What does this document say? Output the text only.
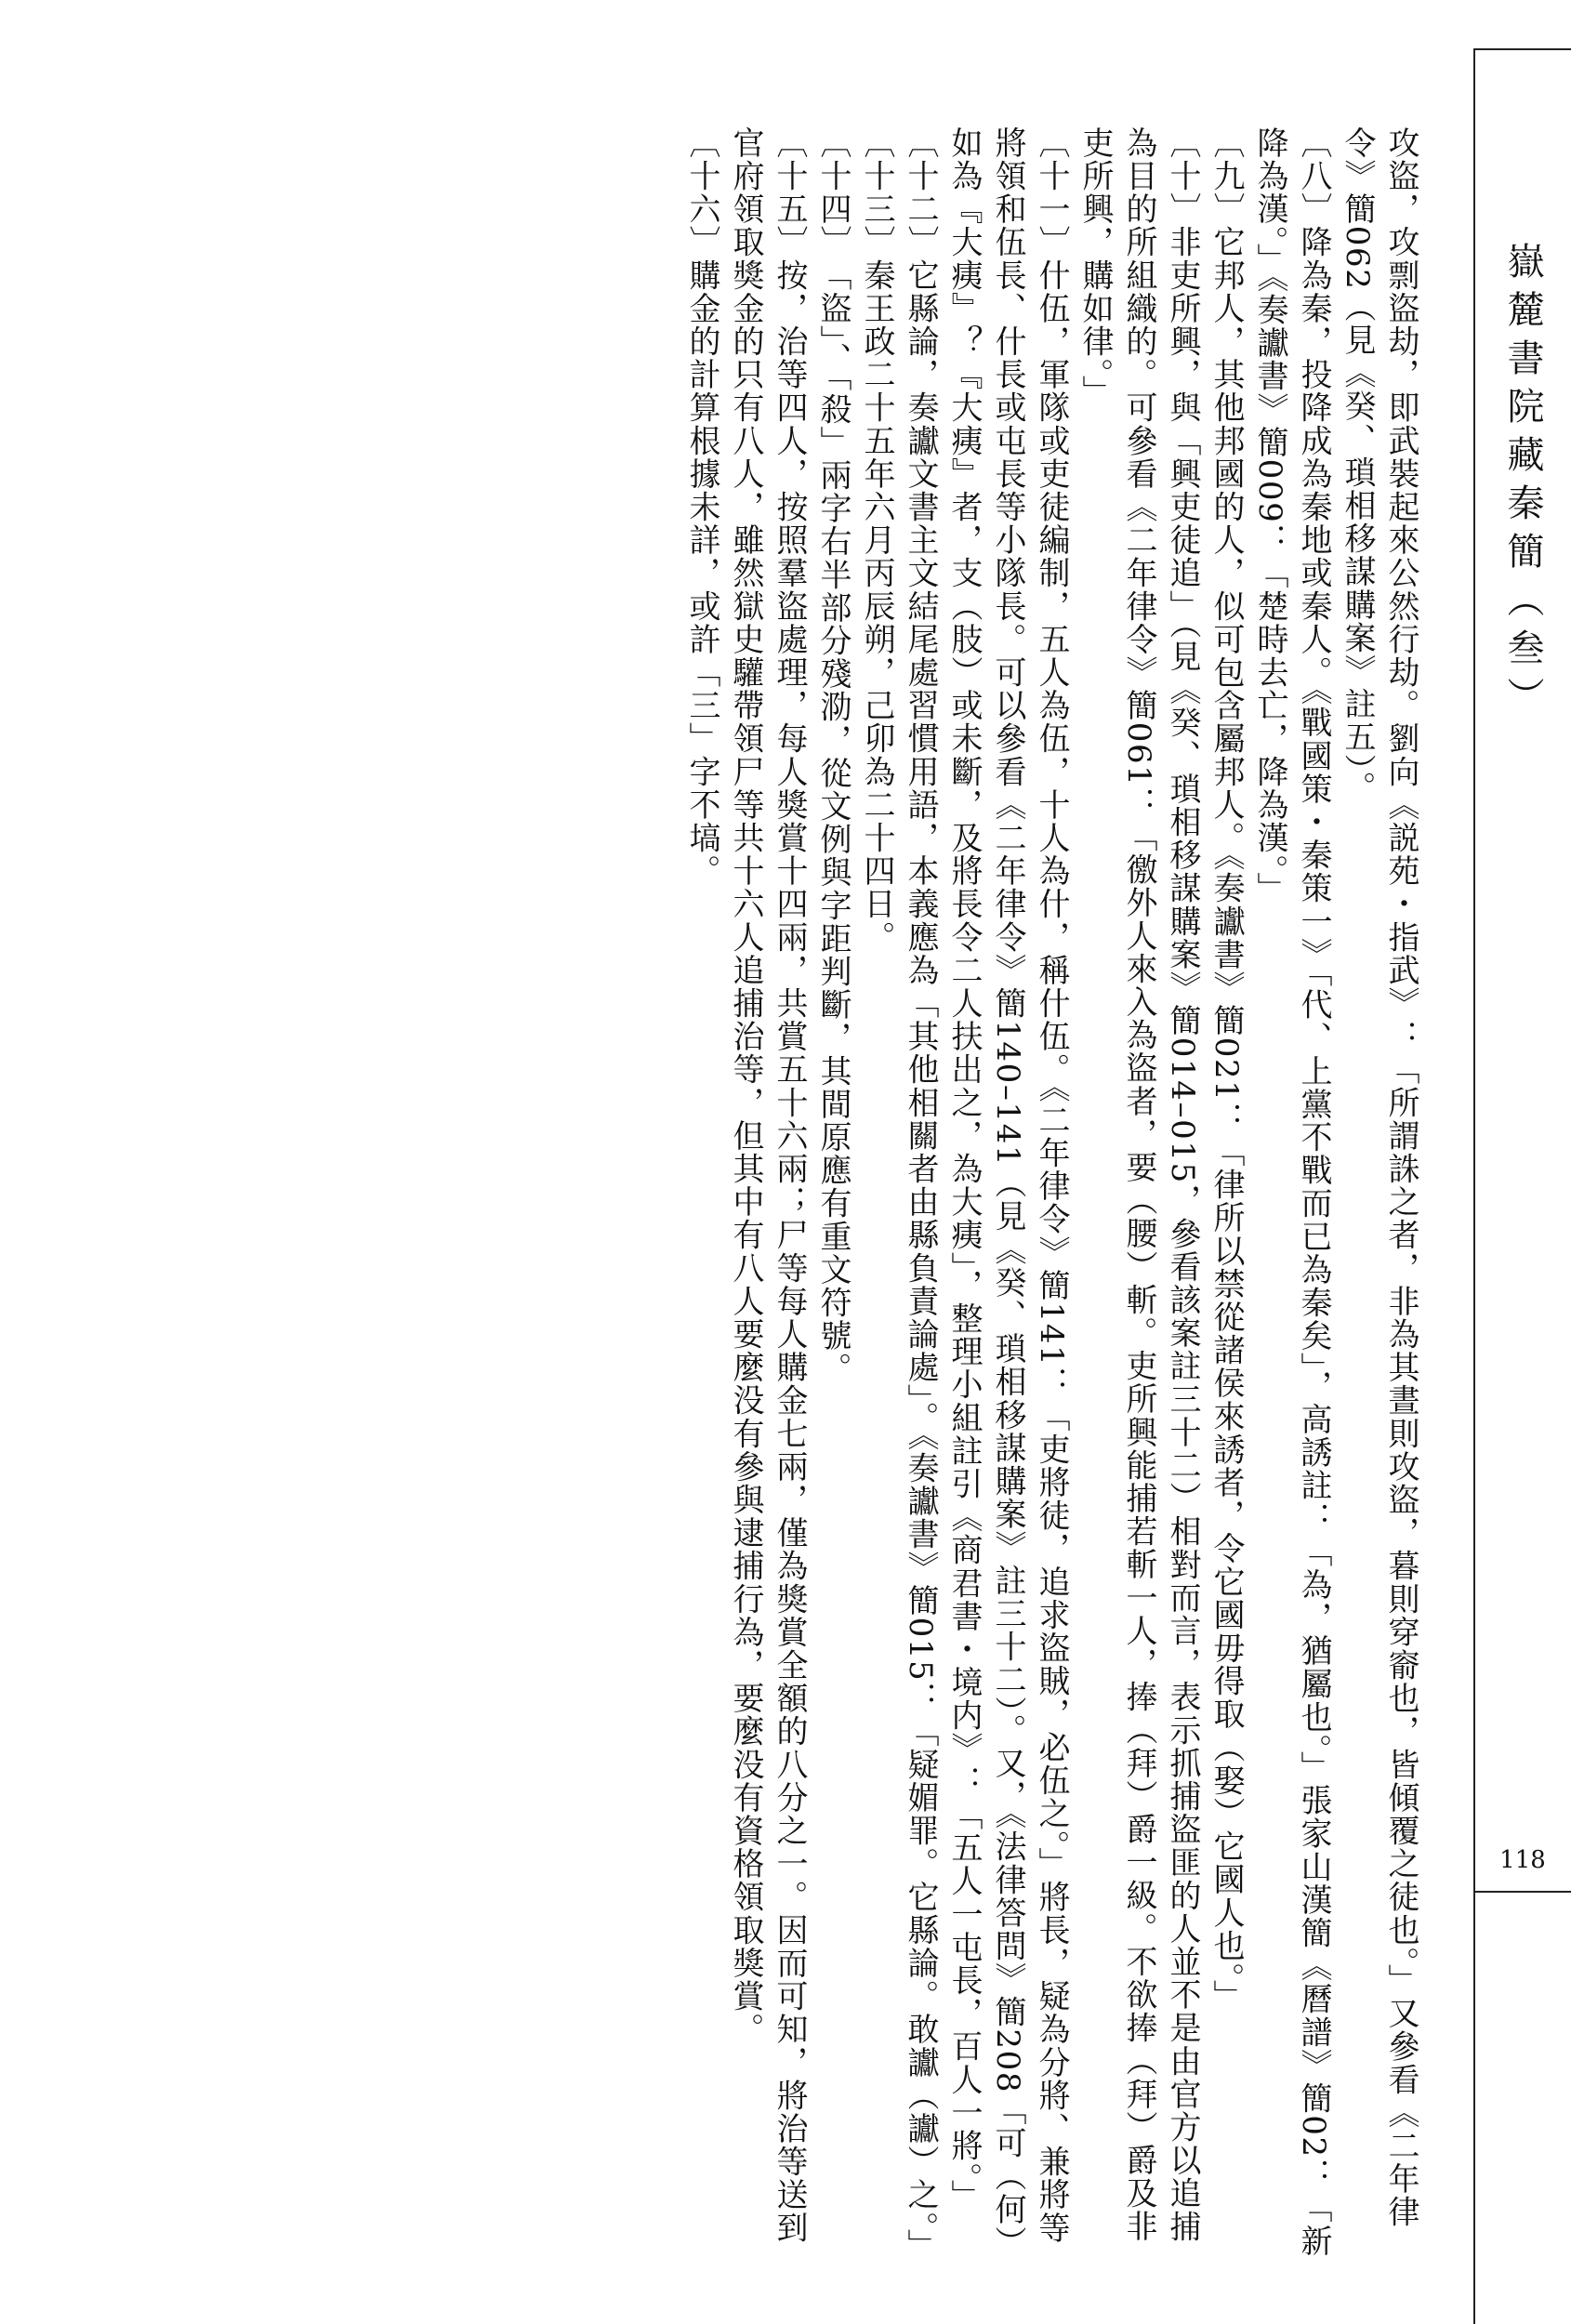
嶽麓書院藏秦簡（叁）
118

攻盜，攻剽盜劫，即武裝起來公然行劫。劉向《説苑・指武》：「所謂誅之者，非為其晝則攻盜，暮則穿窬也，皆傾覆之徒也。」又參看《二年律令》簡062（見《癸、瑣相移謀購案》註五）。

〔八〕降為秦，投降成為秦地或秦人。《戰國策・秦策一》「代、上黨不戰而已為秦矣」，高誘註：「為，猶屬也。」張家山漢簡《曆譜》簡02：「新降為漢。」《奏讞書》簡009：「楚時去亡，降為漢。」

〔九〕它邦人，其他邦國的人，似可包含屬邦人。《奏讞書》簡021：「律所以禁從諸侯來誘者，令它國毋得取（娶）它國人也。」

〔十〕非吏所興，與「興吏徒追」（見《癸、瑣相移謀購案》簡014–015，參看該案註三十二）相對而言，表示抓捕盜匪的人並不是由官方以追捕為目的所組織的。可參看《二年律令》簡061：「徼外人來入為盜者，要（腰）斬。吏所興能捕若斬一人，捧（拜）爵一級。不欲捧（拜）爵及非吏所興，購如律。」

〔十一〕什伍，軍隊或吏徒編制，五人為伍，十人為什，稱什伍。《二年律令》簡141：「吏將徒，追求盜賊，必伍之。」將長，疑為分將、兼將等將領和伍長、什長或屯長等小隊長。可以參看《二年律令》簡140–141（見《癸、瑣相移謀購案》註三十二）。又，《法律答問》簡208「可（何）如為『大痍』？『大痍』者，支（肢）或未斷，及將長令二人扶出之，為大痍」，整理小組註引《商君書・境内》：「五人一屯長，百人一將。」

〔十二〕它縣論，奏讞文書主文結尾處習慣用語，本義應為「其他相關者由縣負責論處」。《奏讞書》簡015：「疑媚罪。它縣論。敢讞（讞）之。」

〔十三〕秦王政二十五年六月丙辰朔，己卯為二十四日。

〔十四〕「盜」、「殺」兩字右半部分殘泐，從文例與字距判斷，其間原應有重文符號。

〔十五〕按，治等四人，按照羣盜處理，每人獎賞十四兩，共賞五十六兩；尸等每人購金七兩，僅為獎賞全額的八分之一。因而可知，將治等送到官府領取獎金的只有八人，雖然獄史驩帶領尸等共十六人追捕治等，但其中有八人要麼没有參與逮捕行為，要麼没有資格領取獎賞。

〔十六〕購金的計算根據未詳，或許「三」字不塙。
